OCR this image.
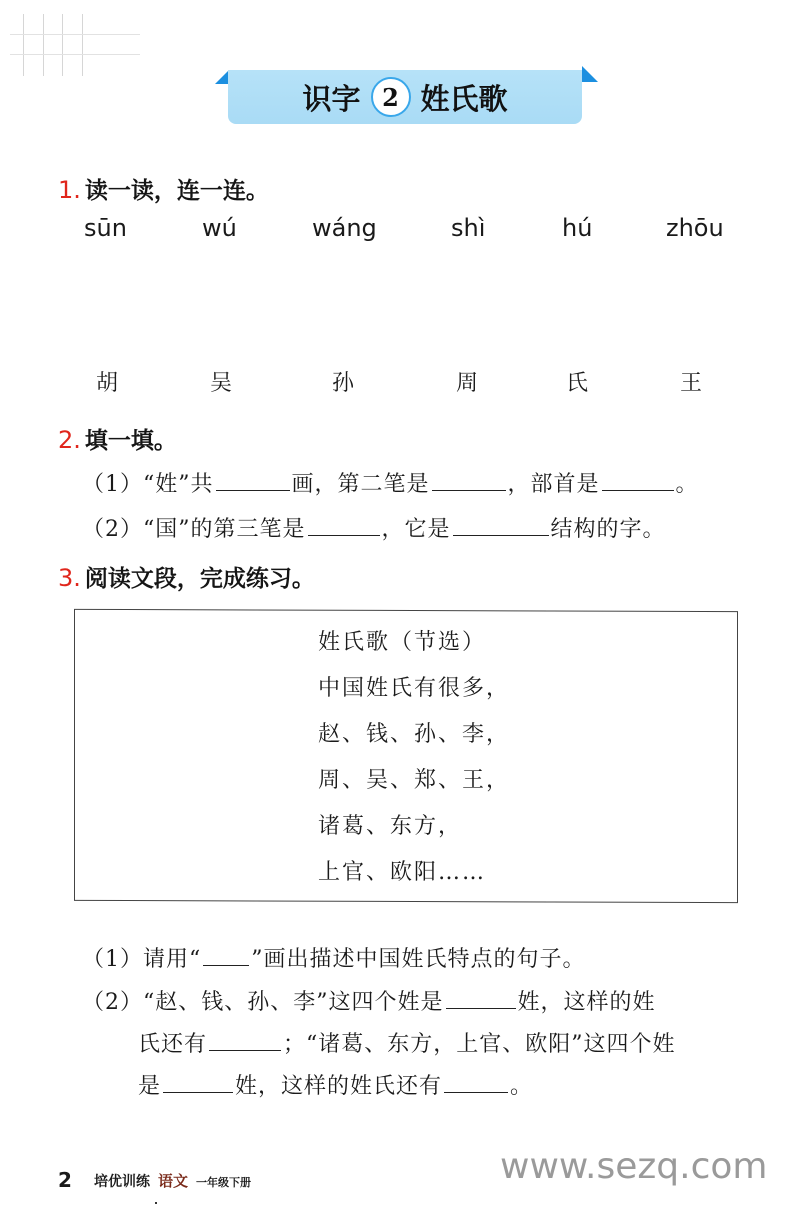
识字 2 姓氏歌
1. 读一读，连一连。
sūn	wú	wáng	shì	hú	zhōu
胡	吴	孙	周	氏	王
2. 填一填。
（1）“姓”共	画，第二笔是	，部首是	。
（2）“国”的第三笔是	，它是	结构的字。
3. 阅读文段，完成练习。
姓氏歌（节选）
中国姓氏有很多，
赵、钱、孙、李，
周、吴、郑、王，
诸葛、东方，
上官、欧阳……
（1）请用“ ”画出描述中国姓氏特点的句子。
（2）“赵、钱、孙、李”这四个姓是	姓，这样的姓
氏还有	；“诸葛、东方，上官、欧阳”这四个姓
是	姓，这样的姓氏还有	。
2 培优训练 语文 一年级下册	www.sezq.com
